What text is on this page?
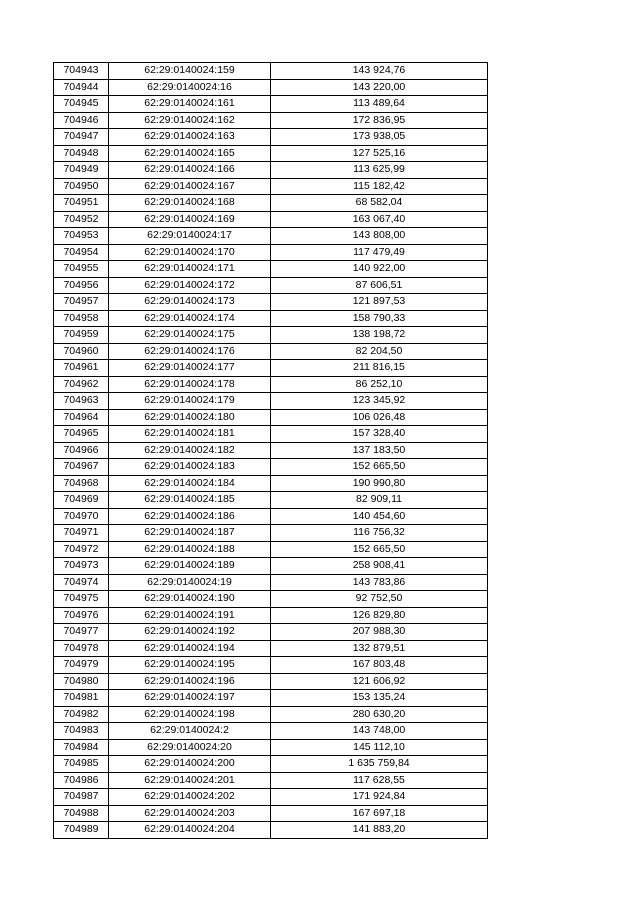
704943	62:29:0140024:159	143 924,76
704944	62:29:0140024:16	143 220,00
704945	62:29:0140024:161	113 489,64
704946	62:29:0140024:162	172 836,95
704947	62:29:0140024:163	173 938,05
704948	62:29:0140024:165	127 525,16
704949	62:29:0140024:166	113 625,99
704950	62:29:0140024:167	115 182,42
704951	62:29:0140024:168	68 582,04
704952	62:29:0140024:169	163 067,40
704953	62:29:0140024:17	143 808,00
704954	62:29:0140024:170	117 479,49
704955	62:29:0140024:171	140 922,00
704956	62:29:0140024:172	87 606,51
704957	62:29:0140024:173	121 897,53
704958	62:29:0140024:174	158 790,33
704959	62:29:0140024:175	138 198,72
704960	62:29:0140024:176	82 204,50
704961	62:29:0140024:177	211 816,15
704962	62:29:0140024:178	86 252,10
704963	62:29:0140024:179	123 345,92
704964	62:29:0140024:180	106 026,48
704965	62:29:0140024:181	157 328,40
704966	62:29:0140024:182	137 183,50
704967	62:29:0140024:183	152 665,50
704968	62:29:0140024:184	190 990,80
704969	62:29:0140024:185	82 909,11
704970	62:29:0140024:186	140 454,60
704971	62:29:0140024:187	116 756,32
704972	62:29:0140024:188	152 665,50
704973	62:29:0140024:189	258 908,41
704974	62:29:0140024:19	143 783,86
704975	62:29:0140024:190	92 752,50
704976	62:29:0140024:191	126 829,80
704977	62:29:0140024:192	207 988,30
704978	62:29:0140024:194	132 879,51
704979	62:29:0140024:195	167 803,48
704980	62:29:0140024:196	121 606,92
704981	62:29:0140024:197	153 135,24
704982	62:29:0140024:198	280 630,20
704983	62:29:0140024:2	143 748,00
704984	62:29:0140024:20	145 112,10
704985	62:29:0140024:200	1 635 759,84
704986	62:29:0140024:201	117 628,55
704987	62:29:0140024:202	171 924,84
704988	62:29:0140024:203	167 697,18
704989	62:29:0140024:204	141 883,20
